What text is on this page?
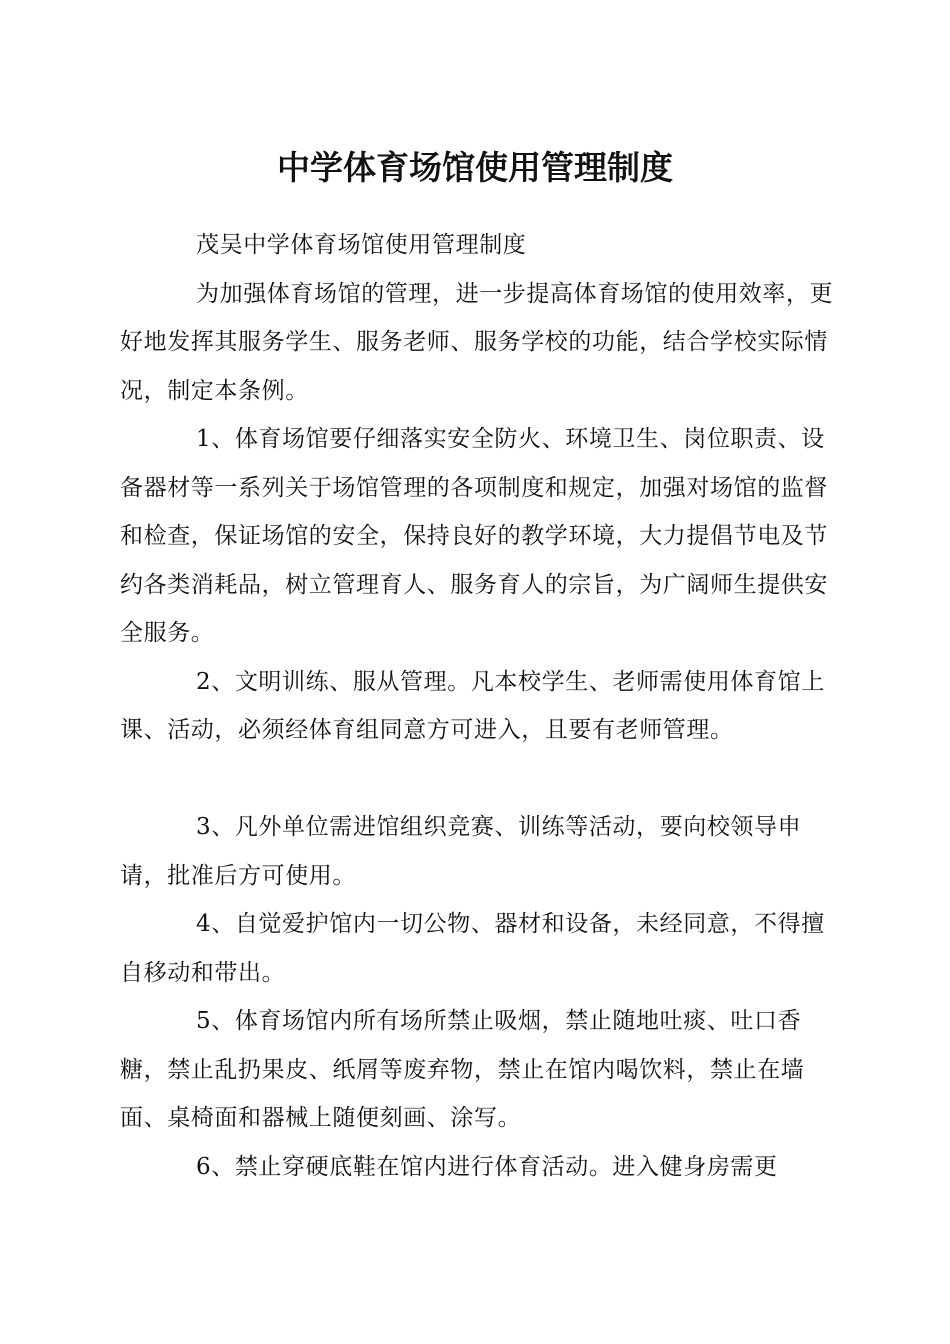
中学体育场馆使用管理制度

茂吴中学体育场馆使用管理制度

为加强体育场馆的管理，进一步提高体育场馆的使用效率，更好地发挥其服务学生、服务老师、服务学校的功能，结合学校实际情况，制定本条例。

1、体育场馆要仔细落实安全防火、环境卫生、岗位职责、设备器材等一系列关于场馆管理的各项制度和规定，加强对场馆的监督和检查，保证场馆的安全，保持良好的教学环境，大力提倡节电及节约各类消耗品，树立管理育人、服务育人的宗旨，为广阔师生提供安全服务。

2、文明训练、服从管理。凡本校学生、老师需使用体育馆上课、活动，必须经体育组同意方可进入，且要有老师管理。

3、凡外单位需进馆组织竞赛、训练等活动，要向校领导申请，批准后方可使用。

4、自觉爱护馆内一切公物、器材和设备，未经同意，不得擅自移动和带出。

5、体育场馆内所有场所禁止吸烟，禁止随地吐痰、吐口香糖，禁止乱扔果皮、纸屑等废弃物，禁止在馆内喝饮料，禁止在墙面、桌椅面和器械上随便刻画、涂写。

6、禁止穿硬底鞋在馆内进行体育活动。进入健身房需更
